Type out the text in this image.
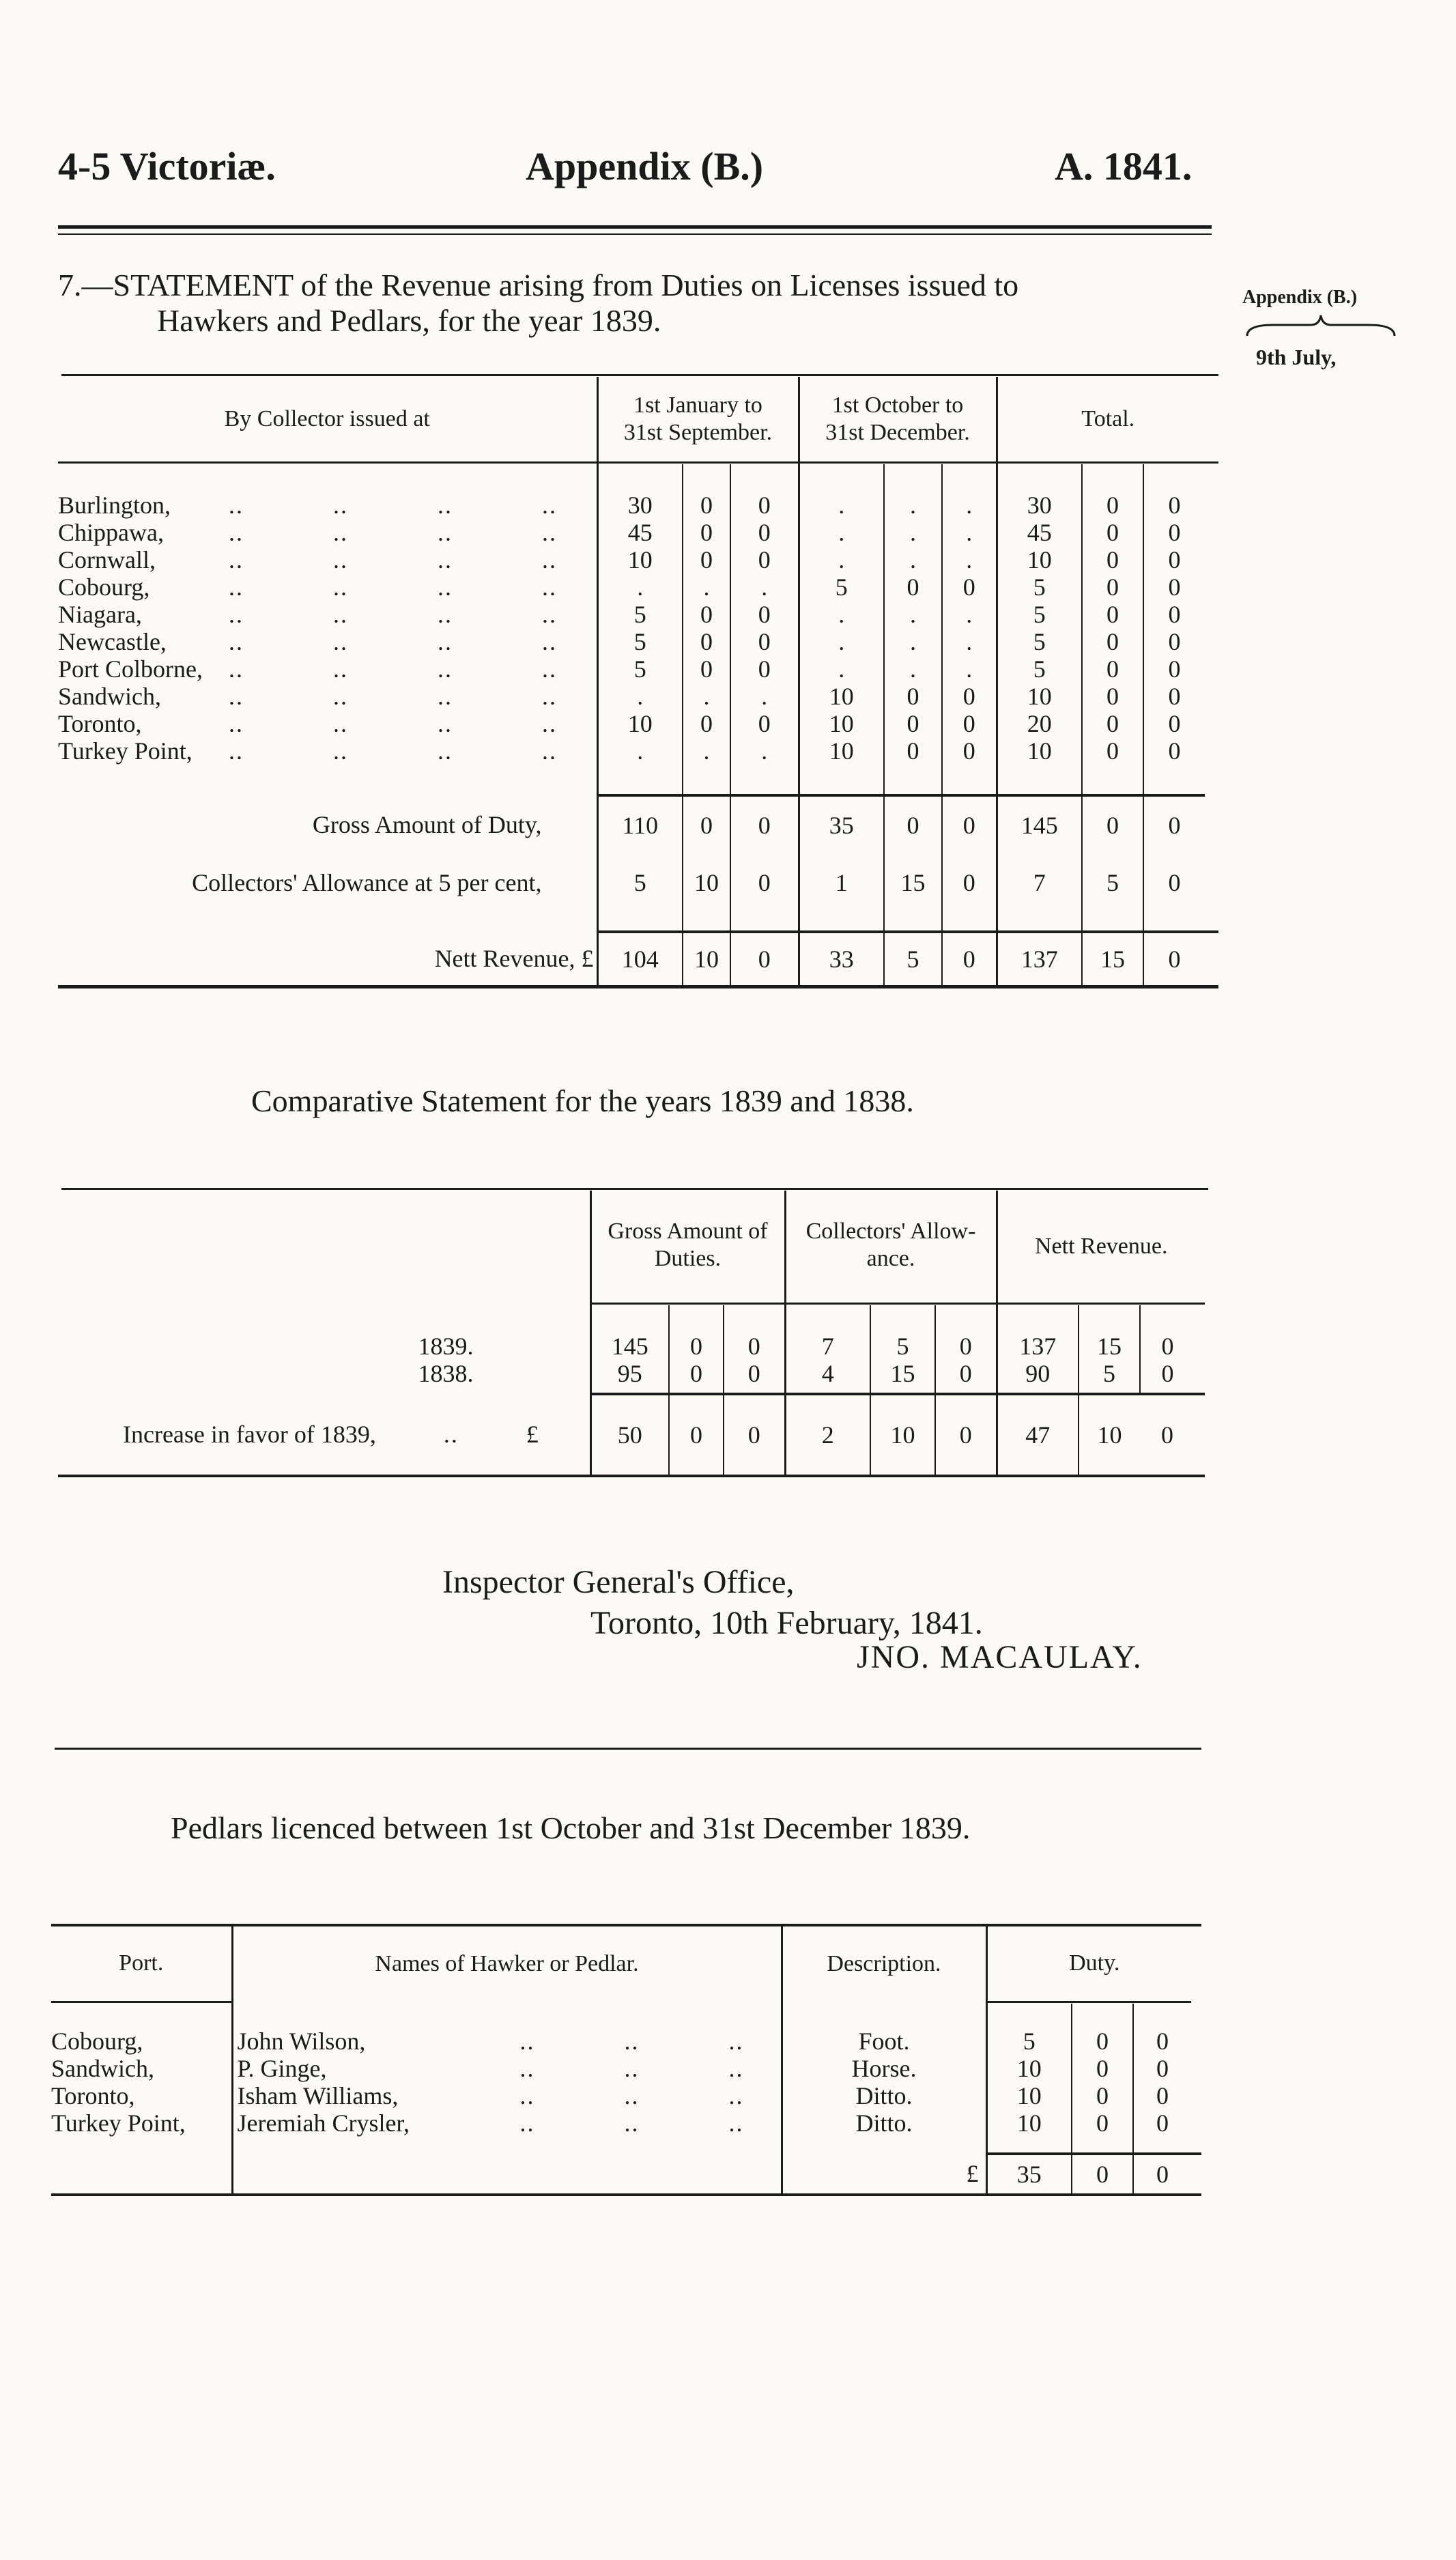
4-5 Victoriæ.	Appendix (B.)	A. 1841.
Appendix (B.)
9th July,
7.—STATEMENT of the Revenue arising from Duties on Licenses issued to
Hawkers and Pedlars, for the year 1839.
By Collector issued at	1st January to
31st September.			1st October to
31st December.			Total.			

Burlington, .. .. .. ..	30	0	0	.	.	.	30	0	0	
Chippawa, .. .. .. ..	45	0	0	.	.	.	45	0	0	
Cornwall, .. .. .. ..	10	0	0	.	.	.	10	0	0	
Cobourg, .. .. .. ..	.	.	.	5	0	0	5	0	0	
Niagara, .. .. .. ..	5	0	0	.	.	.	5	0	0	
Newcastle, .. .. .. ..	5	0	0	.	.	.	5	0	0	
Port Colborne, .. .. .. ..	5	0	0	.	.	.	5	0	0	
Sandwich, .. .. .. ..	.	.	.	10	0	0	10	0	0	
Toronto, .. .. .. ..	10	0	0	10	0	0	20	0	0	
Turkey Point, .. .. .. ..	.	.	.	10	0	0	10	0	0	

Gross Amount of Duty,	110	0	0	35	0	0	145	0	0	
Collectors' Allowance at 5 per cent,	5	10	0	1	15	0	7	5	0	

Nett Revenue, £	104	10	0	33	5	0	137	15	0	

Comparative Statement for the years 1839 and 1838.
	Gross Amount of
Duties.			Collectors' Allow-
ance.			Nett Revenue.			

1839.	145	0	0	7	5	0	137	15	0	
1838.	95	0	0	4	15	0	90	5	0	

Increase in favor of 1839, .. £	50	0	0	2	10	0	47	10	0	

Inspector General's Office,
Toronto, 10th February, 1841.
JNO. MACAULAY.
Pedlars licenced between 1st October and 31st December 1839.
Port.	Names of Hawker or Pedlar.	Description.	Duty.			

Cobourg,	John Wilson, .. .. ..	Foot.	5	0	0	
Sandwich,	P. Ginge, .. .. ..	Horse.	10	0	0	
Toronto,	Isham Williams, .. .. ..	Ditto.	10	0	0	
Turkey Point,	Jeremiah Crysler, .. .. ..	Ditto.	10	0	0	

		£	35	0	0	
